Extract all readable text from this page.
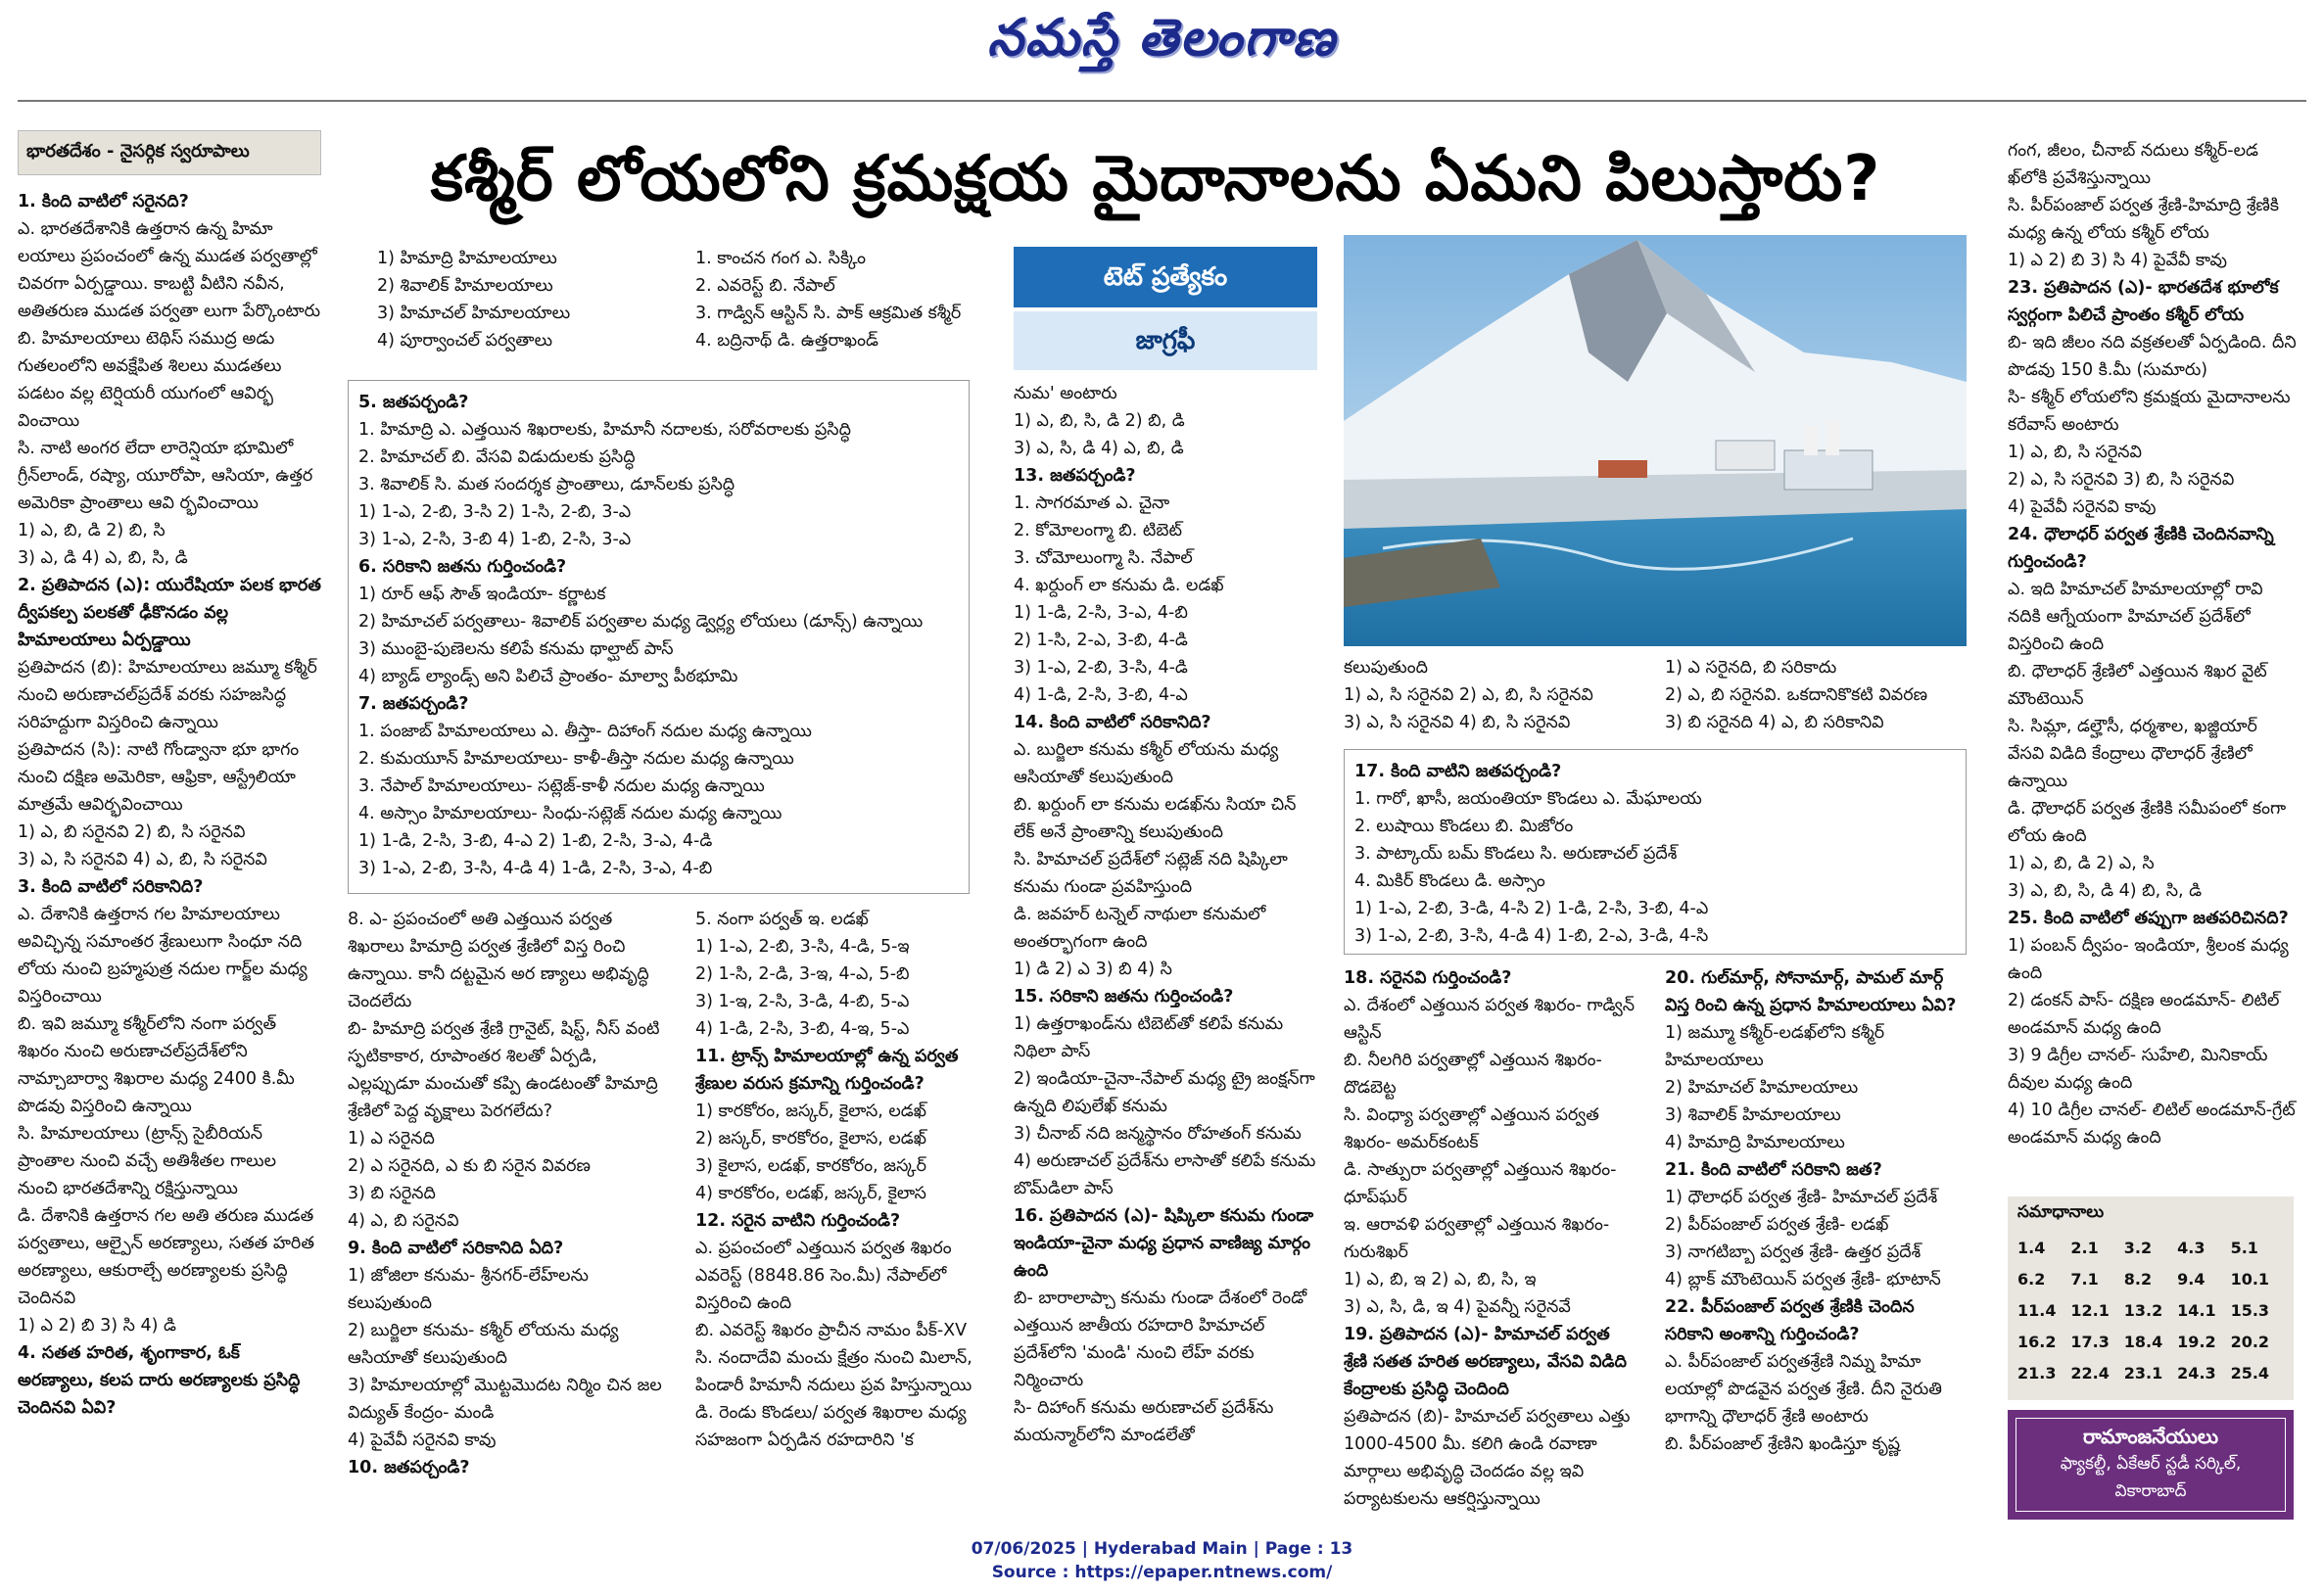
నమస్తే తెలంగాణ
భారతదేశం - నైసర్గిక స్వరూపాలు	కశ్మీర్ లోయలోని క్రమక్షయ మైదానాలను ఏమని పిలుస్తారు?
టెట్ ప్రత్యేకం
జాగ్రఫీ

1. కింది వాటిలో సరైనది?

ఎ. భారతదేశానికి ఉత్తరాన ఉన్న హిమా లయాలు ప్రపంచంలో ఉన్న ముడత పర్వతాల్లో చివరగా ఏర్పడ్డాయి. కాబట్టి వీటిని నవీన, అతితరుణ ముడత పర్వతా లుగా పేర్కొంటారు

బి. హిమాలయాలు టెథిస్ సముద్ర అడు గుతలంలోని అవక్షేపిత శిలలు ముడతలు పడటం వల్ల టెర్షియరీ యుగంలో ఆవిర్భ వించాయి

సి. నాటి అంగర లేదా లారెన్షియా భూమిలో గ్రీన్‌లాండ్, రష్యా, యూరోపా, ఆసియా, ఉత్తర అమెరికా ప్రాంతాలు ఆవి ర్భవించాయి

1) ఎ, బి, డి 2) బి, సి

3) ఎ, డి 4) ఎ, బి, సి, డి

2. ప్రతిపాదన (ఎ): యురేషియా పలక భారత ద్వీపకల్ప పలకతో ఢీకొనడం వల్ల హిమాలయాలు ఏర్పడ్డాయి

ప్రతిపాదన (బి): హిమాలయాలు జమ్మూ కశ్మీర్ నుంచి అరుణాచల్‌ప్రదేశ్ వరకు సహజసిద్ధ సరిహద్దుగా విస్తరించి ఉన్నాయి

ప్రతిపాదన (సి): నాటి గోండ్వానా భూ భాగం నుంచి దక్షిణ అమెరికా, ఆఫ్రికా, ఆస్ట్రేలియా మాత్రమే ఆవిర్భవించాయి

1) ఎ, బి సరైనవి 2) బి, సి సరైనవి

3) ఎ, సి సరైనవి 4) ఎ, బి, సి సరైనవి

3. కింది వాటిలో సరికానిది?

ఎ. దేశానికి ఉత్తరాన గల హిమాలయాలు అవిచ్ఛిన్న సమాంతర శ్రేణులుగా సింధూ నది లోయ నుంచి బ్రహ్మపుత్ర నదుల గార్జ్‌ల మధ్య విస్తరించాయి

బి. ఇవి జమ్మూ కశ్మీర్‌లోని నంగా పర్వత్ శిఖరం నుంచి అరుణాచల్‌ప్రదేశ్‌లోని నామ్చాబార్వా శిఖరాల మధ్య 2400 కి.మీ పొడవు విస్తరించి ఉన్నాయి

సి. హిమాలయాలు (ట్రాన్స్ సైబీరియన్ ప్రాంతాల నుంచి వచ్చే అతిశీతల గాలుల నుంచి భారతదేశాన్ని రక్షిస్తున్నాయి

డి. దేశానికి ఉత్తరాన గల అతి తరుణ ముడత పర్వతాలు, ఆల్పైన్ అరణ్యాలు, సతత హరిత అరణ్యాలు, ఆకురాల్చే అరణ్యాలకు ప్రసిద్ధి చెందినవి

1) ఎ 2) బి 3) సి 4) డి

4. సతత హరిత, శృంగాకార, ఓక్ అరణ్యాలు, కలప దారు అరణ్యాలకు ప్రసిద్ధి చెందినవి ఏవి?

1) హిమాద్రి హిమాలయాలు

2) శివాలిక్ హిమాలయాలు

3) హిమాచల్ హిమాలయాలు

4) పూర్వాంచల్ పర్వతాలు

1. కాంచన గంగ ఎ. సిక్కిం

2. ఎవరెస్ట్ బి. నేపాల్

3. గాడ్విన్ ఆస్టిన్ సి. పాక్ ఆక్రమిత కశ్మీర్

4. బద్రినాథ్ డి. ఉత్తరాఖండ్

5. జతపర్చండి?

1. హిమాద్రి ఎ. ఎత్తయిన శిఖరాలకు, హిమానీ నదాలకు, సరోవరాలకు ప్రసిద్ధి

2. హిమాచల్ బి. వేసవి విడుదులకు ప్రసిద్ధి

3. శివాలిక్ సి. మత సందర్శక ప్రాంతాలు, డూన్‌లకు ప్రసిద్ధి

1) 1-ఎ, 2-బి, 3-సి 2) 1-సి, 2-బి, 3-ఎ

3) 1-ఎ, 2-సి, 3-బి 4) 1-బి, 2-సి, 3-ఎ

6. సరికాని జతను గుర్తించండి?

1) రూర్ ఆఫ్ సౌత్ ఇండియా- కర్ణాటక

2) హిమాచల్ పర్వతాలు- శివాలిక్ పర్వతాల మధ్య డ్వెర్ల్య లోయలు (డూన్స్) ఉన్నాయి

3) ముంబై-పుణెలను కలిపే కనుమ థాల్ఘాట్ పాస్

4) బ్యాడ్ ల్యాండ్స్ అని పిలిచే ప్రాంతం- మాల్వా పీఠభూమి

7. జతపర్చండి?

1. పంజాబ్ హిమాలయాలు ఎ. తీస్తా- దిహాంగ్ నదుల మధ్య ఉన్నాయి

2. కుమయూన్ హిమాలయాలు- కాళీ-తీస్తా నదుల మధ్య ఉన్నాయి

3. నేపాల్ హిమాలయాలు- సట్లెజ్-కాళీ నదుల మధ్య ఉన్నాయి

4. అస్సాం హిమాలయాలు- సింధు-సట్లెజ్ నదుల మధ్య ఉన్నాయి

1) 1-డి, 2-సి, 3-బి, 4-ఎ 2) 1-బి, 2-సి, 3-ఎ, 4-డి

3) 1-ఎ, 2-బి, 3-సి, 4-డి 4) 1-డి, 2-సి, 3-ఎ, 4-బి

8. ఎ- ప్రపంచంలో అతి ఎత్తయిన పర్వత శిఖరాలు హిమాద్రి పర్వత శ్రేణిలో విస్త రించి ఉన్నాయి. కానీ దట్టమైన అర ణ్యాలు అభివృద్ధి చెందలేదు

బి- హిమాద్రి పర్వత శ్రేణి గ్రానైట్, షిస్ట్, నీస్ వంటి స్ఫటికాకార, రూపాంతర శిలతో ఏర్పడి, ఎల్లప్పుడూ మంచుతో కప్పి ఉండటంతో హిమాద్రి శ్రేణిలో పెద్ద వృక్షాలు పెరగలేదు?

1) ఎ సరైనది

2) ఎ సరైనది, ఎ కు బి సరైన వివరణ

3) బి సరైనది

4) ఎ, బి సరైనవి

9. కింది వాటిలో సరికానిది ఏది?

1) జోజిలా కనుమ- శ్రీనగర్-లేహ్‌లను కలుపుతుంది

2) బుర్జిలా కనుమ- కశ్మీర్ లోయను మధ్య ఆసియాతో కలుపుతుంది

3) హిమాలయాల్లో మొట్టమొదట నిర్మిం చిన జల విద్యుత్ కేంద్రం- మండి

4) పైవేవీ సరైనవి కావు

10. జతపర్చండి?

5. నంగా పర్వత్ ఇ. లడఖ్

1) 1-ఎ, 2-బి, 3-సి, 4-డి, 5-ఇ

2) 1-సి, 2-డి, 3-ఇ, 4-ఎ, 5-బి

3) 1-ఇ, 2-సి, 3-డి, 4-బి, 5-ఎ

4) 1-డి, 2-సి, 3-బి, 4-ఇ, 5-ఎ

11. ట్రాన్స్ హిమాలయాల్లో ఉన్న పర్వత శ్రేణుల వరుస క్రమాన్ని గుర్తించండి?

1) కారకోరం, జస్కర్, కైలాస, లడఖ్

2) జస్కర్, కారకోరం, కైలాస, లడఖ్

3) కైలాస, లడఖ్, కారకోరం, జస్కర్

4) కారకోరం, లడఖ్, జస్కర్, కైలాస

12. సరైన వాటిని గుర్తించండి?

ఎ. ప్రపంచంలో ఎత్తయిన పర్వత శిఖరం ఎవరెస్ట్ (8848.86 సెం.మీ) నేపాల్‌లో విస్తరించి ఉంది

బి. ఎవరెస్ట్ శిఖరం ప్రాచీన నామం పీక్-XV

సి. నందాదేవి మంచు క్షేత్రం నుంచి మిలాన్, పిండారీ హిమానీ నదులు ప్రవ హిస్తున్నాయి

డి. రెండు కొండలు/ పర్వత శిఖరాల మధ్య సహజంగా ఏర్పడిన రహదారిని 'క

నుమ' అంటారు

1) ఎ, బి, సి, డి 2) బి, డి

3) ఎ, సి, డి 4) ఎ, బి, డి

13. జతపర్చండి?

1. సాగరమాత ఎ. చైనా

2. కోమోలంగ్మా బి. టిబెట్

3. చోమోలుంగ్మా సి. నేపాల్

4. ఖర్దుంగ్ లా కనుమ డి. లడఖ్

1) 1-డి, 2-సి, 3-ఎ, 4-బి

2) 1-సి, 2-ఎ, 3-బి, 4-డి

3) 1-ఎ, 2-బి, 3-సి, 4-డి

4) 1-డి, 2-సి, 3-బి, 4-ఎ

14. కింది వాటిలో సరికానిది?

ఎ. బుర్జిలా కనుమ కశ్మీర్ లోయను మధ్య ఆసియాతో కలుపుతుంది

బి. ఖర్దుంగ్ లా కనుమ లడఖ్‌ను సియా చిన్ లేక్ అనే ప్రాంతాన్ని కలుపుతుంది

సి. హిమాచల్ ప్రదేశ్‌లో సట్లెజ్ నది షిప్కిలా కనుమ గుండా ప్రవహిస్తుంది

డి. జవహర్ టన్నెల్ నాథులా కనుమలో అంతర్భాగంగా ఉంది

1) డి 2) ఎ 3) బి 4) సి

15. సరికాని జతను గుర్తించండి?

1) ఉత్తరాఖండ్‌ను టిబెట్‌తో కలిపే కనుమ నిథిలా పాస్

2) ఇండియా-చైనా-నేపాల్ మధ్య ట్రై జంక్షన్‌గా ఉన్నది లిపులేఖ్ కనుమ

3) చీనాబ్ నది జన్మస్థానం రోహతంగ్ కనుమ

4) అరుణాచల్ ప్రదేశ్‌ను లాసాతో కలిపే కనుమ బొమ్‌డిలా పాస్

16. ప్రతిపాదన (ఎ)- షిప్కిలా కనుమ గుండా ఇండియా-చైనా మధ్య ప్రధాన వాణిజ్య మార్గం ఉంది

బి- బారాలాప్చా కనుమ గుండా దేశంలో రెండో ఎత్తయిన జాతీయ రహదారి హిమాచల్ ప్రదేశ్‌లోని 'మండి' నుంచి లేహ్ వరకు నిర్మించారు

సి- దిహాంగ్ కనుమ అరుణాచల్ ప్రదేశ్‌ను మయన్మార్‌లోని మాండలేతో

కలుపుతుంది

1) ఎ, సి సరైనవి 2) ఎ, బి, సి సరైనవి

3) ఎ, సి సరైనవి 4) బి, సి సరైనవి

1) ఎ సరైనది, బి సరికాదు

2) ఎ, బి సరైనవి. ఒకదానికొకటి వివరణ

3) బి సరైనది 4) ఎ, బి సరికానివి

17. కింది వాటిని జతపర్చండి?

1. గారో, ఖాసీ, జయంతియా కొండలు ఎ. మేఘాలయ

2. లుషాయి కొండలు బి. మిజోరం

3. పాట్కాయ్ బమ్ కొండలు సి. అరుణాచల్ ప్రదేశ్

4. మికిర్ కొండలు డి. అస్సాం

1) 1-ఎ, 2-బి, 3-డి, 4-సి 2) 1-డి, 2-సి, 3-బి, 4-ఎ

3) 1-ఎ, 2-బి, 3-సి, 4-డి 4) 1-బి, 2-ఎ, 3-డి, 4-సి

18. సరైనవి గుర్తించండి?

ఎ. దేశంలో ఎత్తయిన పర్వత శిఖరం- గాడ్విన్ ఆస్టిన్

బి. నీలగిరి పర్వతాల్లో ఎత్తయిన శిఖరం- దొడబెట్ట

సి. వింధ్యా పర్వతాల్లో ఎత్తయిన పర్వత శిఖరం- అమర్‌కంటక్

డి. సాత్పురా పర్వతాల్లో ఎత్తయిన శిఖరం- ధూప్‌ఘర్

ఇ. ఆరావళి పర్వతాల్లో ఎత్తయిన శిఖరం- గురుశిఖర్

1) ఎ, బి, ఇ 2) ఎ, బి, సి, ఇ

3) ఎ, సి, డి, ఇ 4) పైవన్నీ సరైనవే

19. ప్రతిపాదన (ఎ)- హిమాచల్ పర్వత శ్రేణి సతత హరిత అరణ్యాలు, వేసవి విడిది కేంద్రాలకు ప్రసిద్ధి చెందింది

ప్రతిపాదన (బి)- హిమాచల్ పర్వతాలు ఎత్తు 1000-4500 మీ. కలిగి ఉండి రవాణా మార్గాలు అభివృద్ధి చెందడం వల్ల ఇవి పర్యాటకులను ఆకర్షిస్తున్నాయి

20. గుల్‌మార్గ్, సోనామార్గ్, పామల్ మార్గ్ విస్త రించి ఉన్న ప్రధాన హిమాలయాలు ఏవి?

1) జమ్మూ కశ్మీర్-లడఖ్‌లోని కశ్మీర్ హిమాలయాలు

2) హిమాచల్ హిమాలయాలు

3) శివాలిక్ హిమాలయాలు

4) హిమాద్రి హిమాలయాలు

21. కింది వాటిలో సరికాని జత?

1) ధౌలాధర్ పర్వత శ్రేణి- హిమాచల్ ప్రదేశ్

2) పీర్‌పంజాల్ పర్వత శ్రేణి- లడఖ్

3) నాగటిబ్బా పర్వత శ్రేణి- ఉత్తర ప్రదేశ్

4) బ్లాక్ మౌంటెయిన్ పర్వత శ్రేణి- భూటాన్

22. పీర్‌పంజాల్ పర్వత శ్రేణికి చెందిన సరికాని అంశాన్ని గుర్తించండి?

ఎ. పీర్‌పంజాల్ పర్వతశ్రేణి నిమ్న హిమా లయాల్లో పొడవైన పర్వత శ్రేణి. దీని నైరుతి భాగాన్ని ధౌలాధర్ శ్రేణి అంటారు

బి. పీర్‌పంజాల్ శ్రేణిని ఖండిస్తూ కృష్ణ

గంగ, జీలం, చీనాబ్ నదులు కశ్మీర్-లడ ఖ్‌లోకి ప్రవేశిస్తున్నాయి

సి. పీర్‌పంజాల్ పర్వత శ్రేణి-హిమాద్రి శ్రేణికి మధ్య ఉన్న లోయ కశ్మీర్ లోయ

1) ఎ 2) బి 3) సి 4) పైవేవీ కావు

23. ప్రతిపాదన (ఎ)- భారతదేశ భూలోక స్వర్గంగా పిలిచే ప్రాంతం కశ్మీర్ లోయ

బి- ఇది జీలం నది వక్రతలతో ఏర్పడింది. దీని పొడవు 150 కి.మీ (సుమారు)

సి- కశ్మీర్ లోయలోని క్రమక్షయ మైదానాలను కరేవాస్ అంటారు

1) ఎ, బి, సి సరైనవి

2) ఎ, సి సరైనవి 3) బి, సి సరైనవి

4) పైవేవీ సరైనవి కావు

24. ధౌలాధర్ పర్వత శ్రేణికి చెందినవాన్ని గుర్తించండి?

ఎ. ఇది హిమాచల్ హిమాలయాల్లో రావి నదికి ఆగ్నేయంగా హిమాచల్ ప్రదేశ్‌లో విస్తరించి ఉంది

బి. ధౌలాధర్ శ్రేణిలో ఎత్తయిన శిఖర వైట్ మౌంటెయిన్

సి. సిమ్లా, డల్హౌసీ, ధర్మశాల, ఖజ్జియార్ వేసవి విడిది కేంద్రాలు ధౌలాధర్ శ్రేణిలో ఉన్నాయి

డి. ధౌలాధర్ పర్వత శ్రేణికి సమీపంలో కంగా లోయ ఉంది

1) ఎ, బి, డి 2) ఎ, సి

3) ఎ, బి, సి, డి 4) బి, సి, డి

25. కింది వాటిలో తప్పుగా జతపరిచినది?

1) పంబన్ ద్వీపం- ఇండియా, శ్రీలంక మధ్య ఉంది

2) డంకన్ పాస్- దక్షిణ అండమాన్- లిటిల్ అండమాన్ మధ్య ఉంది

3) 9 డిగ్రీల చానల్- సుహేలి, మినికాయ్ దీవుల మధ్య ఉంది

4) 10 డిగ్రీల చానల్- లిటిల్ అండమాన్-గ్రేట్ అండమాన్ మధ్య ఉంది

సమాధానాలు
1.4	2.1	3.2	4.3	5.1
6.2	7.1	8.2	9.4	10.1
11.4	12.1	13.2	14.1	15.3
16.2	17.3	18.4	19.2	20.2
21.3	22.4	23.1	24.3	25.4
రామాంజనేయులు
ఫ్యాకల్టీ, ఏకేఆర్ స్టడీ సర్కిల్,
వికారాబాద్
07/06/2025 | Hyderabad Main | Page : 13
Source : https://epaper.ntnews.com/
